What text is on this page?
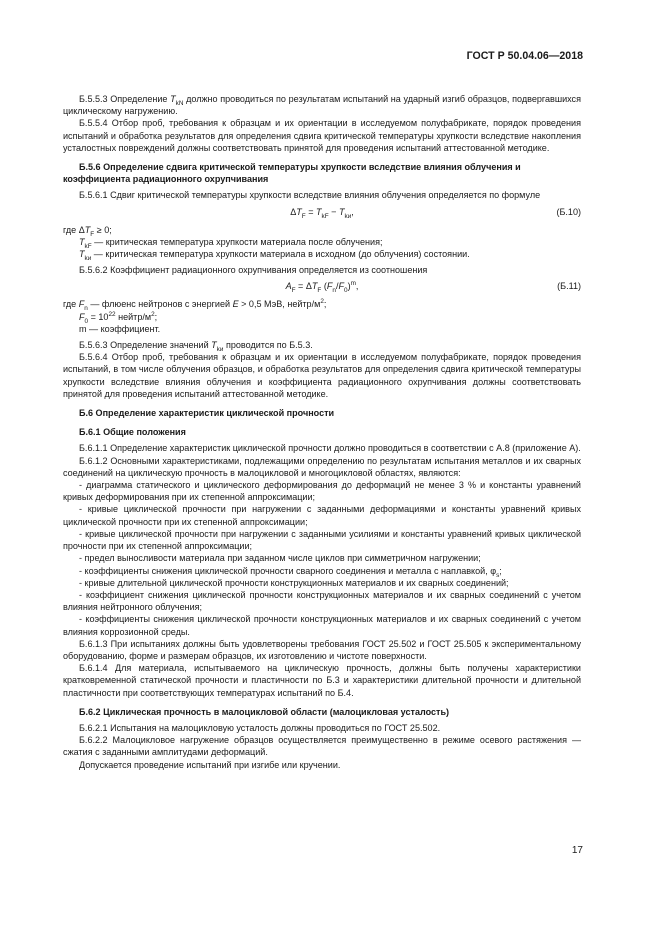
ГОСТ Р 50.04.06—2018

Б.5.5.3 Определение $T_{kN}$ должно проводиться по результатам испытаний на ударный изгиб образцов, подвергавшихся циклическому нагружению.

Б.5.5.4 Отбор проб, требования к образцам и их ориентации в исследуемом полуфабрикате, порядок проведения испытаний и обработка результатов для определения сдвига критической температуры хрупкости вследствие накопления усталостных повреждений должны соответствовать принятой для проведения испытаний аттестованной методике.

Б.5.6 Определение сдвига критической температуры хрупкости вследствие влияния облучения и коэффициента радиационного охрупчивания

Б.5.6.1 Сдвиг критической температуры хрупкости вследствие влияния облучения определяется по формуле

$\Delta T_F = T_{kF} - T_{kи}$,	(Б.10)

где $\Delta T_F \ge 0$;

$T_{kF}$ — критическая температура хрупкости материала после облучения;

$T_{kи}$ — критическая температура хрупкости материала в исходном (до облучения) состоянии.

Б.5.6.2 Коэффициент радиационного охрупчивания определяется из соотношения

$A_F = \Delta T_F$ $(F_n/F_0)^m$,	(Б.11)

где $F_n$ — флюенс нейтронов с энергией E > 0,5 МэВ, нейтр/$м^2$;

$F_0 = 10^{22}$ нейтр/$м^2$;

m — коэффициент.

Б.5.6.3 Определение значений $T_{kи}$ проводится по Б.5.3.

Б.5.6.4 Отбор проб, требования к образцам и их ориентации в исследуемом полуфабрикате, порядок проведения испытаний, в том числе облучения образцов, и обработка результатов для определения сдвига критической температуры хрупкости вследствие влияния облучения и коэффициента радиационного охрупчивания должны соответствовать принятой для проведения испытаний аттестованной методике.

Б.6 Определение характеристик циклической прочности

Б.6.1 Общие положения

Б.6.1.1 Определение характеристик циклической прочности должно проводиться в соответствии с А.8 (приложение А).

Б.6.1.2 Основными характеристиками, подлежащими определению по результатам испытания металлов и их сварных соединений на циклическую прочность в малоцикловой и многоцикловой областях, являются:

- диаграмма статического и циклического деформирования до деформаций не менее 3 % и константы уравнений кривых деформирования при их степенной аппроксимации;

- кривые циклической прочности при нагружении с заданными деформациями и константы уравнений кривых циклической прочности при их степенной аппроксимации;

- кривые циклической прочности при нагружении с заданными усилиями и константы уравнений кривых циклической прочности при их степенной аппроксимации;

- предел выносливости материала при заданном числе циклов при симметричном нагружении;

- коэффициенты снижения циклической прочности сварного соединения и металла с наплавкой, $\varphi_s$;

- кривые длительной циклической прочности конструкционных материалов и их сварных соединений;

- коэффициент снижения циклической прочности конструкционных материалов и их сварных соединений с учетом влияния нейтронного облучения;

- коэффициенты снижения циклической прочности конструкционных материалов и их сварных соединений с учетом влияния коррозионной среды.

Б.6.1.3 При испытаниях должны быть удовлетворены требования ГОСТ 25.502 и ГОСТ 25.505 к экспериментальному оборудованию, форме и размерам образцов, их изготовлению и чистоте поверхности.

Б.6.1.4 Для материала, испытываемого на циклическую прочность, должны быть получены характеристики кратковременной статической прочности и пластичности по Б.3 и характеристики длительной прочности и длительной пластичности при соответствующих температурах испытаний по Б.4.

Б.6.2 Циклическая прочность в малоцикловой области (малоцикловая усталость)

Б.6.2.1 Испытания на малоцикловую усталость должны проводиться по ГОСТ 25.502.

Б.6.2.2 Малоцикловое нагружение образцов осуществляется преимущественно в режиме осевого растяжения — сжатия с заданными амплитудами деформаций.

Допускается проведение испытаний при изгибе или кручении.

17
